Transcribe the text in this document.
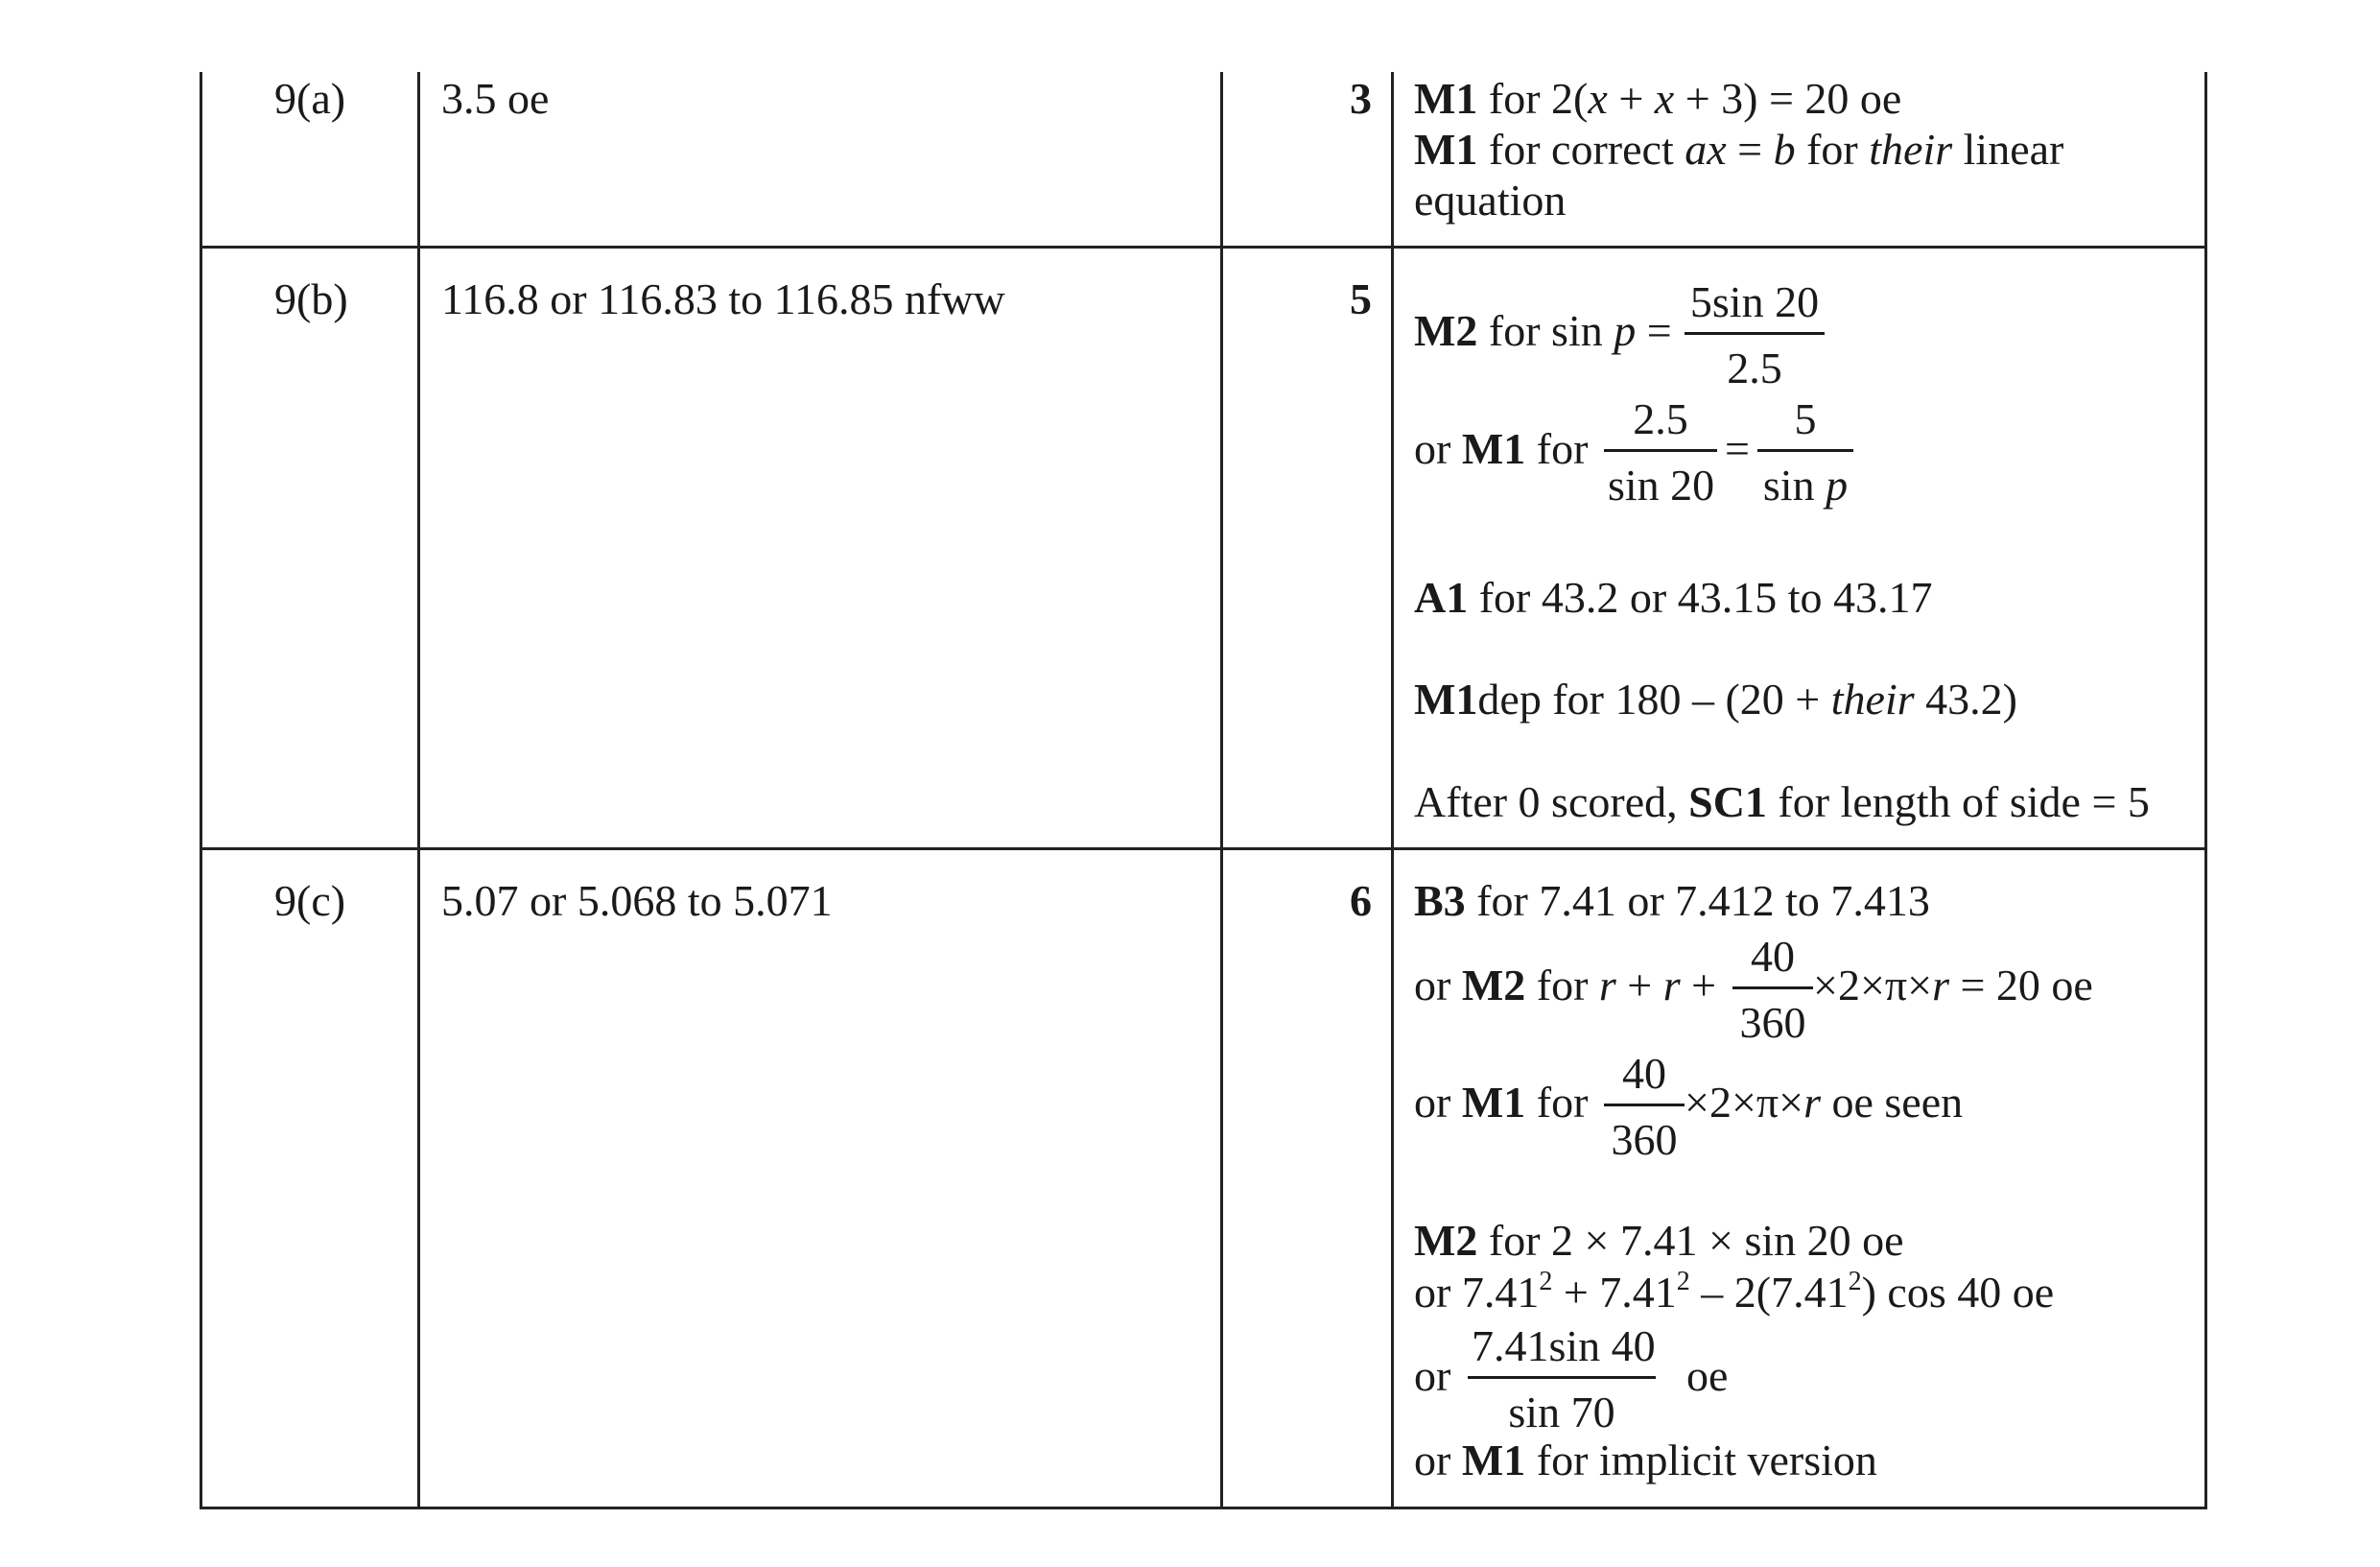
9(a) 3.5 oe	3 M1 for 2(x + x + 3) = 20 oe
M1 for correct ax = b for their linear
equation
9(b) 116.8 or 116.83 to 116.85 nfww	5
M2 for sin p =
5sin 20
2.5
or M1 for
2.5
sin 20
=
5
sin p
A1 for 43.2 or 43.15 to 43.17
M1dep for 180 – (20 + their 43.2)
After 0 scored, SC1 for length of side = 5
9(c) 5.07 or 5.068 to 5.071	6 B3 for 7.41 or 7.412 to 7.413
or M2 for r + r +
40
360
×2×π×r = 20 oe
or M1 for
40
360
×2×π×r oe seen
M2 for 2 × 7.41 × sin 20 oe
or $7.41^2 + 7.41^2 - 2(7.41^2)$ cos 40 oe
or
7.41sin 40
sin 70
oe
or M1 for implicit version
